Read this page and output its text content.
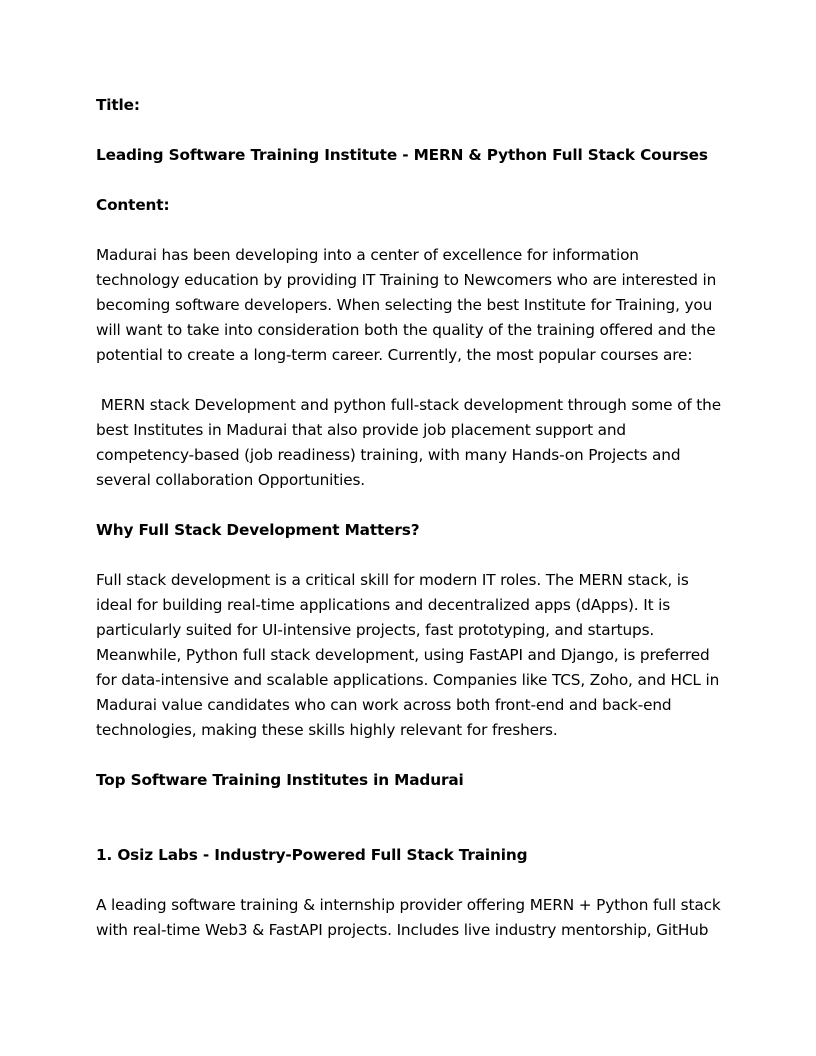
Title:

Leading Software Training Institute - MERN & Python Full Stack Courses

Content:

Madurai has been developing into a center of excellence for information technology education by providing IT Training to Newcomers who are interested in becoming software developers. When selecting the best Institute for Training, you will want to take into consideration both the quality of the training offered and the potential to create a long-term career. Currently, the most popular courses are:

MERN stack Development and python full-stack development through some of the best Institutes in Madurai that also provide job placement support and competency-based (job readiness) training, with many Hands-on Projects and several collaboration Opportunities.

Why Full Stack Development Matters?

Full stack development is a critical skill for modern IT roles. The MERN stack, is ideal for building real-time applications and decentralized apps (dApps). It is particularly suited for UI-intensive projects, fast prototyping, and startups. Meanwhile, Python full stack development, using FastAPI and Django, is preferred for data-intensive and scalable applications. Companies like TCS, Zoho, and HCL in Madurai value candidates who can work across both front-end and back-end technologies, making these skills highly relevant for freshers.

Top Software Training Institutes in Madurai

1. Osiz Labs - Industry-Powered Full Stack Training

A leading software training & internship provider offering MERN + Python full stack with real-time Web3 & FastAPI projects. Includes live industry mentorship, GitHub
